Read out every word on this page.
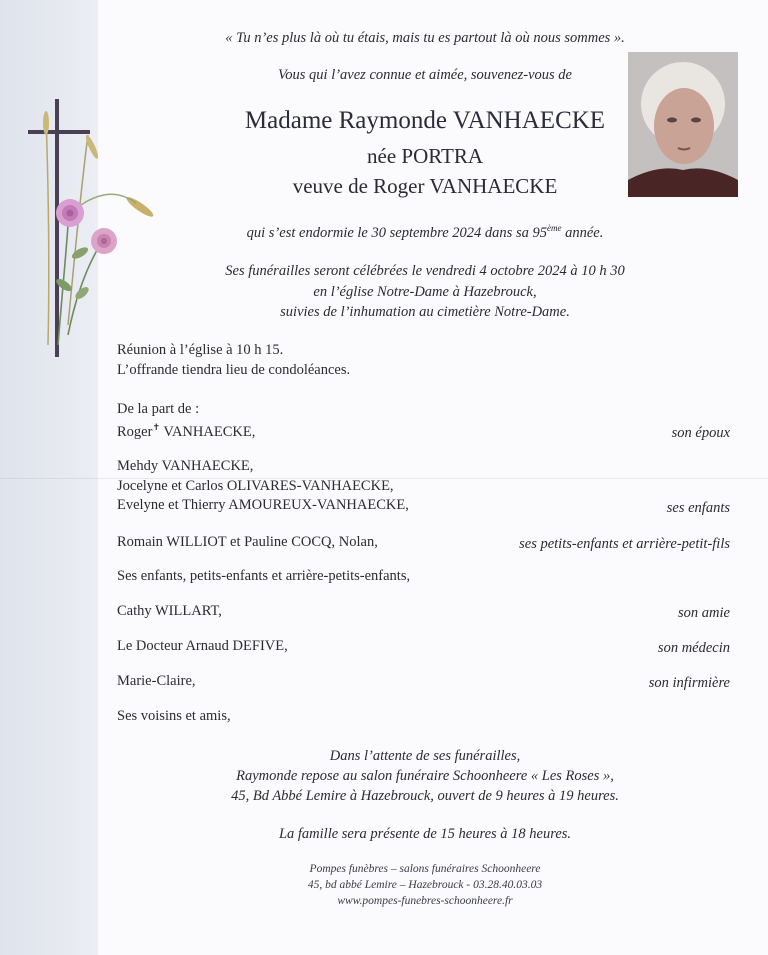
« Tu n’es plus là où tu étais, mais tu es partout là où nous sommes ».
Vous qui l’avez connue et aimée, souvenez-vous de
Madame Raymonde VANHAECKE
née PORTRA
veuve de Roger VANHAECKE
qui s’est endormie le 30 septembre 2024 dans sa 95ème année.
Ses funérailles seront célébrées le vendredi 4 octobre 2024 à 10 h 30
en l’église Notre-Dame à Hazebrouck,
suivies de l’inhumation au cimetière Notre-Dame.
Réunion à l’église à 10 h 15.
L’offrande tiendra lieu de condoléances.
De la part de :
Roger✝ VANHAECKE,	son époux
Mehdy VANHAECKE,
Jocelyne et Carlos OLIVARES-VANHAECKE,
Evelyne et Thierry AMOUREUX-VANHAECKE,	ses enfants
Romain WILLIOT et Pauline COCQ, Nolan,	ses petits-enfants et arrière-petit-fils
Ses enfants, petits-enfants et arrière-petits-enfants,
Cathy WILLART,	son amie
Le Docteur Arnaud DEFIVE,	son médecin
Marie-Claire,	son infirmière
Ses voisins et amis,
Dans l’attente de ses funérailles,
Raymonde repose au salon funéraire Schoonheere « Les Roses »,
45, Bd Abbé Lemire à Hazebrouck, ouvert de 9 heures à 19 heures.
La famille sera présente de 15 heures à 18 heures.
Pompes funèbres – salons funéraires Schoonheere
45, bd abbé Lemire – Hazebrouck - 03.28.40.03.03
www.pompes-funebres-schoonheere.fr
